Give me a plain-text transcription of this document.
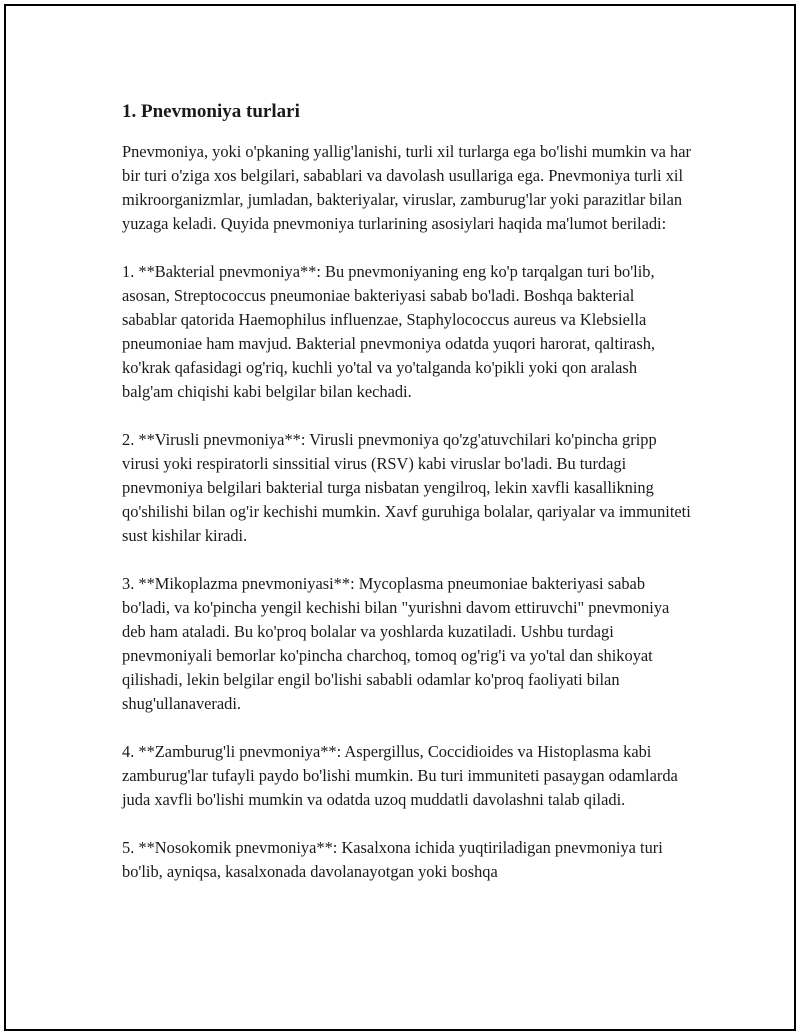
1. Pnevmoniya turlari

Pnevmoniya, yoki o'pkaning yallig'lanishi, turli xil turlarga ega bo'lishi mumkin va har bir turi o'ziga xos belgilari, sabablari va davolash usullariga ega. Pnevmoniya turli xil mikroorganizmlar, jumladan, bakteriyalar, viruslar, zamburug'lar yoki parazitlar bilan yuzaga keladi. Quyida pnevmoniya turlarining asosiylari haqida ma'lumot beriladi:

1. **Bakterial pnevmoniya**: Bu pnevmoniyaning eng ko'p tarqalgan turi bo'lib, asosan, Streptococcus pneumoniae bakteriyasi sabab bo'ladi. Boshqa bakterial sabablar qatorida Haemophilus influenzae, Staphylococcus aureus va Klebsiella pneumoniae ham mavjud. Bakterial pnevmoniya odatda yuqori harorat, qaltirash, ko'krak qafasidagi og'riq, kuchli yo'tal va yo'talganda ko'pikli yoki qon aralash balg'am chiqishi kabi belgilar bilan kechadi.

2. **Virusli pnevmoniya**: Virusli pnevmoniya qo'zg'atuvchilari ko'pincha gripp virusi yoki respiratorli sinssitial virus (RSV) kabi viruslar bo'ladi. Bu turdagi pnevmoniya belgilari bakterial turga nisbatan yengilroq, lekin xavfli kasallikning qo'shilishi bilan og'ir kechishi mumkin. Xavf guruhiga bolalar, qariyalar va immuniteti sust kishilar kiradi.

3. **Mikoplazma pnevmoniyasi**: Mycoplasma pneumoniae bakteriyasi sabab bo'ladi, va ko'pincha yengil kechishi bilan "yurishni davom ettiruvchi" pnevmoniya deb ham ataladi. Bu ko'proq bolalar va yoshlarda kuzatiladi. Ushbu turdagi pnevmoniyali bemorlar ko'pincha charchoq, tomoq og'rig'i va yo'tal dan shikoyat qilishadi, lekin belgilar engil bo'lishi sababli odamlar ko'proq faoliyati bilan shug'ullanaveradi.

4. **Zamburug'li pnevmoniya**: Aspergillus, Coccidioides va Histoplasma kabi zamburug'lar tufayli paydo bo'lishi mumkin. Bu turi immuniteti pasaygan odamlarda juda xavfli bo'lishi mumkin va odatda uzoq muddatli davolashni talab qiladi.

5. **Nosokomik pnevmoniya**: Kasalxona ichida yuqtiriladigan pnevmoniya turi bo'lib, ayniqsa, kasalxonada davolanayotgan yoki boshqa
